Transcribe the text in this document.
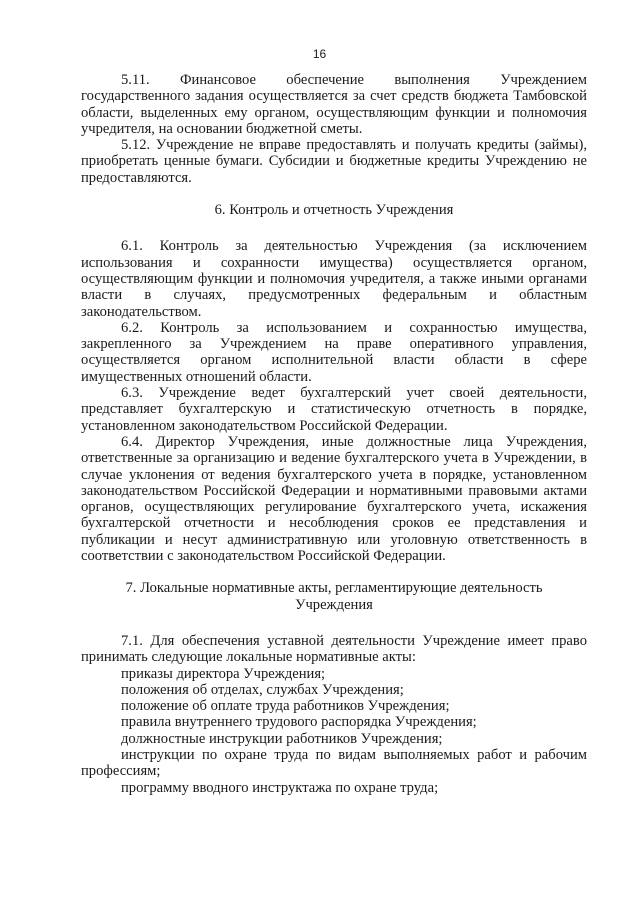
16

5.11. Финансовое обеспечение выполнения Учреждением государственного задания осуществляется за счет средств бюджета Тамбовской области, выделенных ему органом, осуществляющим функции и полномочия учредителя, на основании бюджетной сметы.

5.12. Учреждение не вправе предоставлять и получать кредиты (займы), приобретать ценные бумаги. Субсидии и бюджетные кредиты Учреждению не предоставляются.

6. Контроль и отчетность Учреждения

6.1. Контроль за деятельностью Учреждения (за исключением использования и сохранности имущества) осуществляется органом, осуществляющим функции и полномочия учредителя, а также иными органами власти в случаях, предусмотренных федеральным и областным законодательством.

6.2. Контроль за использованием и сохранностью имущества, закрепленного за Учреждением на праве оперативного управления, осуществляется органом исполнительной власти области в сфере имущественных отношений области.

6.3. Учреждение ведет бухгалтерский учет своей деятельности, представляет бухгалтерскую и статистическую отчетность в порядке, установленном законодательством Российской Федерации.

6.4. Директор Учреждения, иные должностные лица Учреждения, ответственные за организацию и ведение бухгалтерского учета в Учреждении, в случае уклонения от ведения бухгалтерского учета в порядке, установленном законодательством Российской Федерации и нормативными правовыми актами органов, осуществляющих регулирование бухгалтерского учета, искажения бухгалтерской отчетности и несоблюдения сроков ее представления и публикации и несут административную или уголовную ответственность в соответствии с законодательством Российской Федерации.

7. Локальные нормативные акты, регламентирующие деятельность
Учреждения

7.1. Для обеспечения уставной деятельности Учреждение имеет право принимать следующие локальные нормативные акты:

приказы директора Учреждения;

положения об отделах, службах Учреждения;

положение об оплате труда работников Учреждения;

правила внутреннего трудового распорядка Учреждения;

должностные инструкции работников Учреждения;

инструкции по охране труда по видам выполняемых работ и рабочим профессиям;

программу вводного инструктажа по охране труда;
